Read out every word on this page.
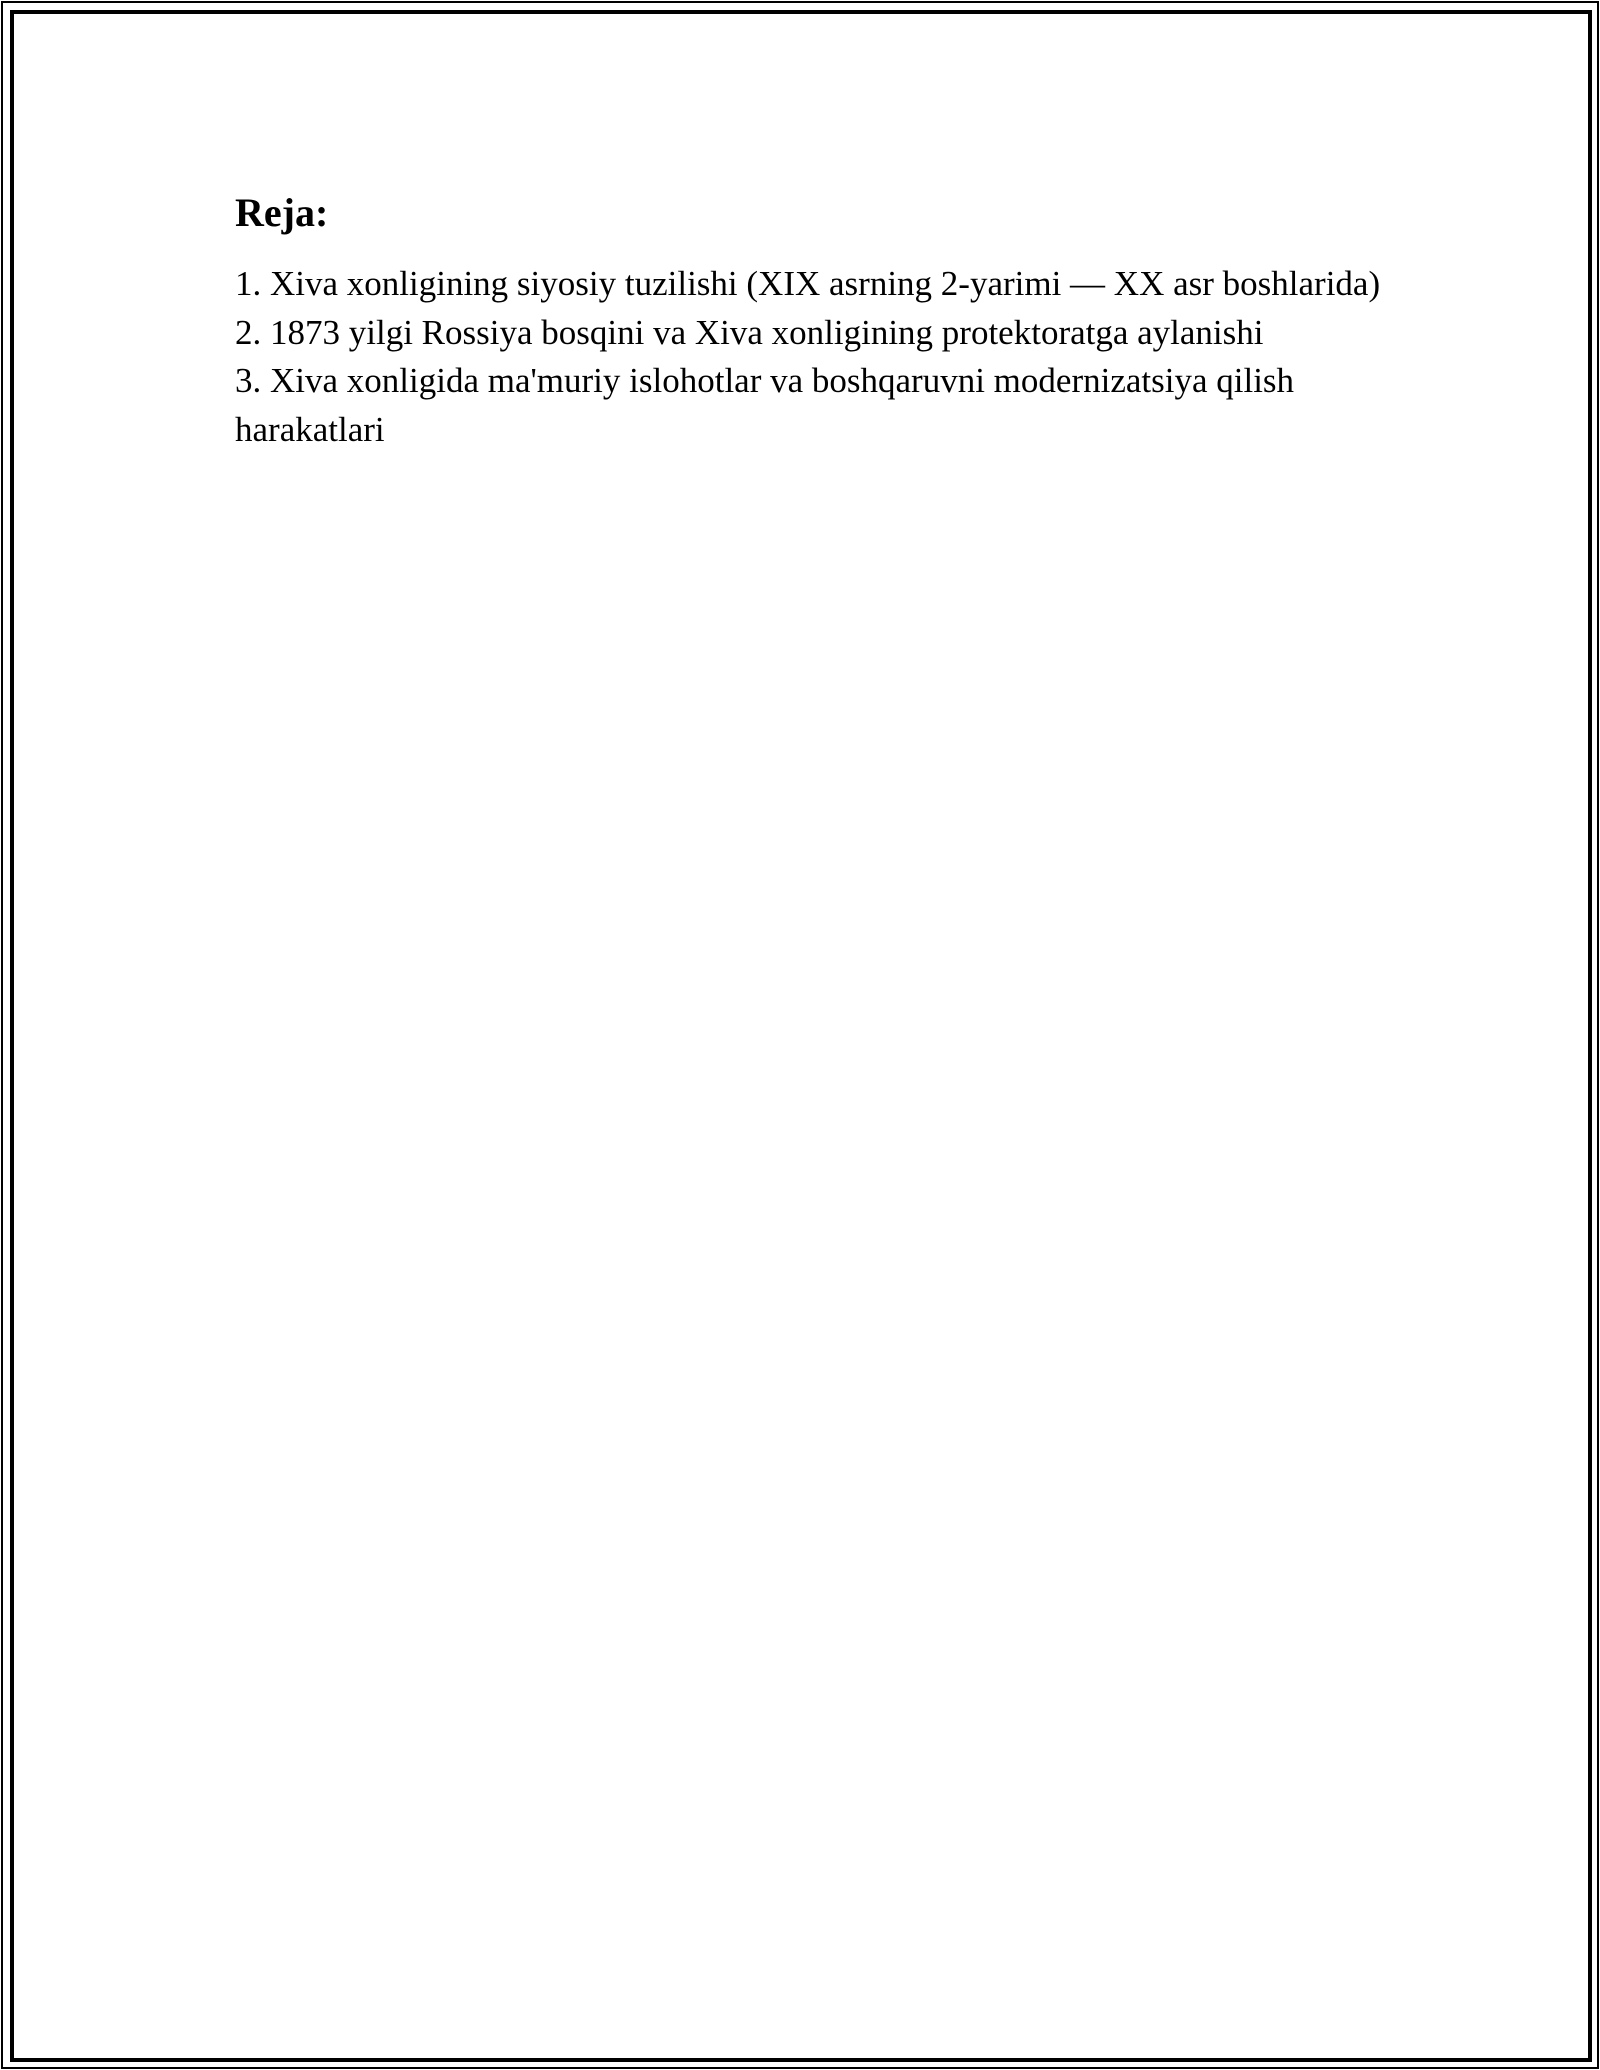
Reja:
1. Xiva xonligining siyosiy tuzilishi (XIX asrning 2-yarimi — XX asr boshlarida)
2. 1873 yilgi Rossiya bosqini va Xiva xonligining protektoratga aylanishi
3. Xiva xonligida ma'muriy islohotlar va boshqaruvni modernizatsiya qilish harakatlari
